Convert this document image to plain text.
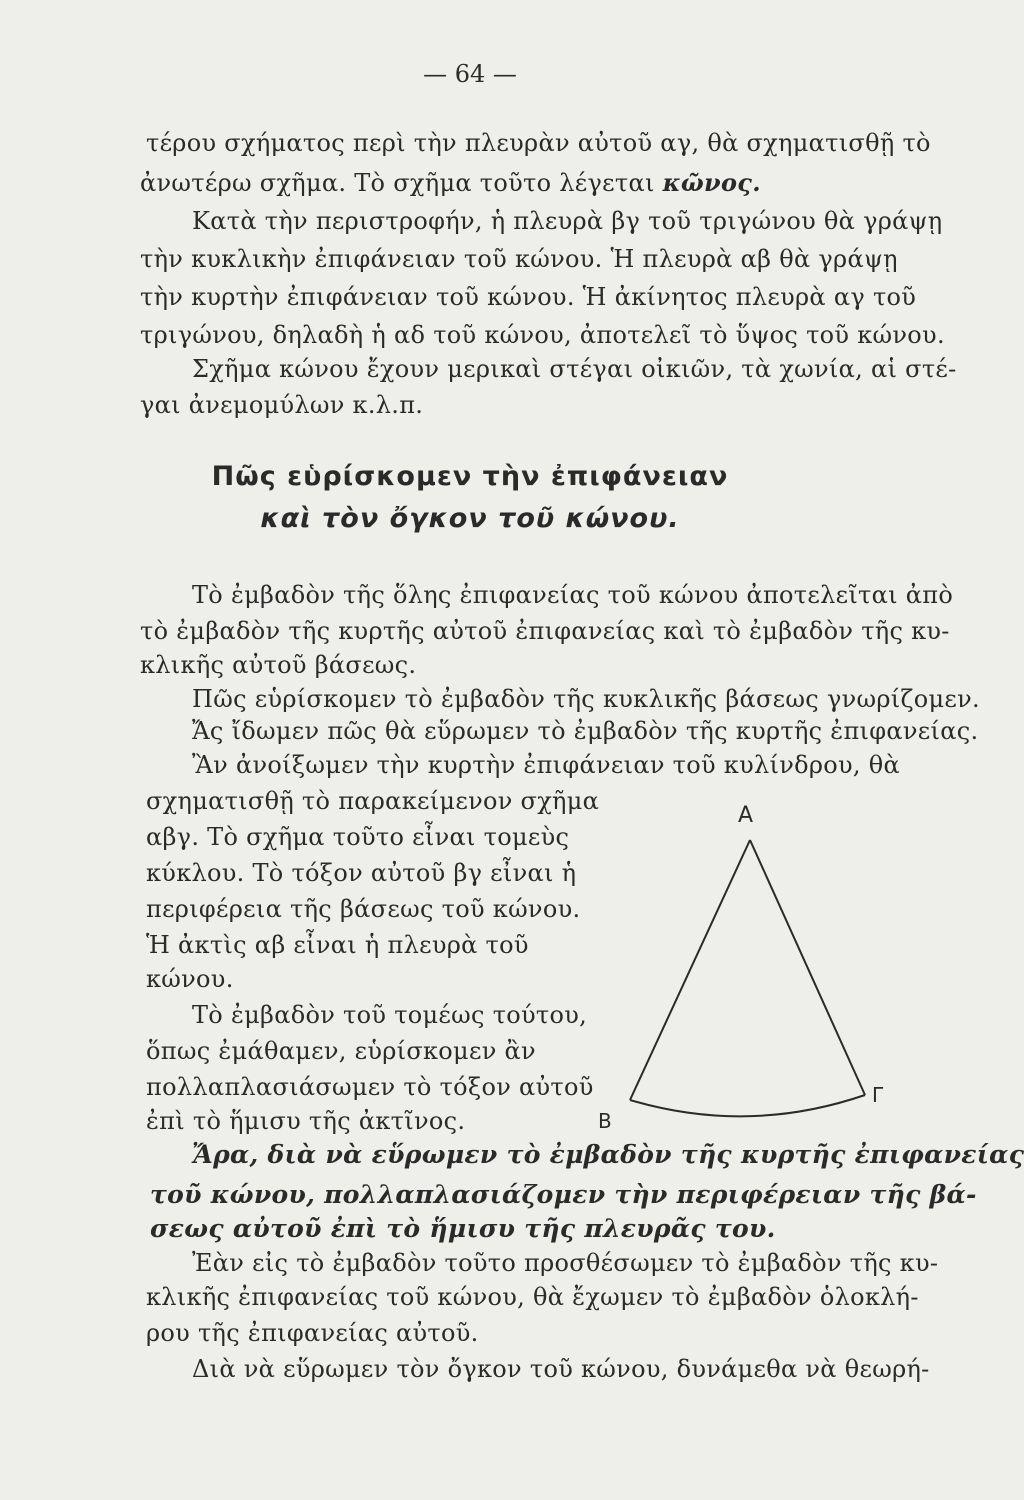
— 64 —
τέρου σχήματος περὶ τὴν πλευρὰν αὐτοῦ αγ, θὰ σχηματισθῇ τὸ
ἀνωτέρω σχῆμα. Τὸ σχῆμα τοῦτο λέγεται κῶνος.
Κατὰ τὴν περιστροφήν, ἡ πλευρὰ βγ τοῦ τριγώνου θὰ γράψῃ
τὴν κυκλικὴν ἐπιφάνειαν τοῦ κώνου. Ἡ πλευρὰ αβ θὰ γράψῃ
τὴν κυρτὴν ἐπιφάνειαν τοῦ κώνου. Ἡ ἀκίνητος πλευρὰ αγ τοῦ
τριγώνου, δηλαδὴ ἡ αδ τοῦ κώνου, ἀποτελεῖ τὸ ὕψος τοῦ κώνου.
Σχῆμα κώνου ἔχουν μερικαὶ στέγαι οἰκιῶν, τὰ χωνία, αἱ στέ-
γαι ἀνεμομύλων κ.λ.π.
Πῶς εὑρίσκομεν τὴν ἐπιφάνειαν
καὶ τὸν ὄγκον τοῦ κώνου.
Τὸ ἐμβαδὸν τῆς ὅλης ἐπιφανείας τοῦ κώνου ἀποτελεῖται ἀπὸ
τὸ ἐμβαδὸν τῆς κυρτῆς αὐτοῦ ἐπιφανείας καὶ τὸ ἐμβαδὸν τῆς κυ-
κλικῆς αὐτοῦ βάσεως.
Πῶς εὑρίσκομεν τὸ ἐμβαδὸν τῆς κυκλικῆς βάσεως γνωρίζομεν.
Ἄς ἴδωμεν πῶς θὰ εὕρωμεν τὸ ἐμβαδὸν τῆς κυρτῆς ἐπιφανείας.
Ἂν ἀνοίξωμεν τὴν κυρτὴν ἐπιφάνειαν τοῦ κυλίνδρου, θὰ
σχηματισθῇ τὸ παρακείμενον σχῆμα
αβγ. Τὸ σχῆμα τοῦτο εἶναι τομεὺς
κύκλου. Τὸ τόξον αὐτοῦ βγ εἶναι ἡ
περιφέρεια τῆς βάσεως τοῦ κώνου.
Ἡ ἀκτὶς αβ εἶναι ἡ πλευρὰ τοῦ
κώνου.
Τὸ ἐμβαδὸν τοῦ τομέως τούτου,
ὅπως ἐμάθαμεν, εὑρίσκομεν ἂν
πολλαπλασιάσωμεν τὸ τόξον αὐτοῦ
ἐπὶ τὸ ἥμισυ τῆς ἀκτῖνος.
Ἄρα, διὰ νὰ εὕρωμεν τὸ ἐμβαδὸν τῆς κυρτῆς ἐπιφανείας
τοῦ κώνου, πολλαπλασιάζομεν τὴν περιφέρειαν τῆς βά-
σεως αὐτοῦ ἐπὶ τὸ ἥμισυ τῆς πλευρᾶς του.
Ἐὰν εἰς τὸ ἐμβαδὸν τοῦτο προσθέσωμεν τὸ ἐμβαδὸν τῆς κυ-
κλικῆς ἐπιφανείας τοῦ κώνου, θὰ ἔχωμεν τὸ ἐμβαδὸν ὁλοκλή-
ρου τῆς ἐπιφανείας αὐτοῦ.
Διὰ νὰ εὕρωμεν τὸν ὄγκον τοῦ κώνου, δυνάμεθα νὰ θεωρή-
A
B
Γ
